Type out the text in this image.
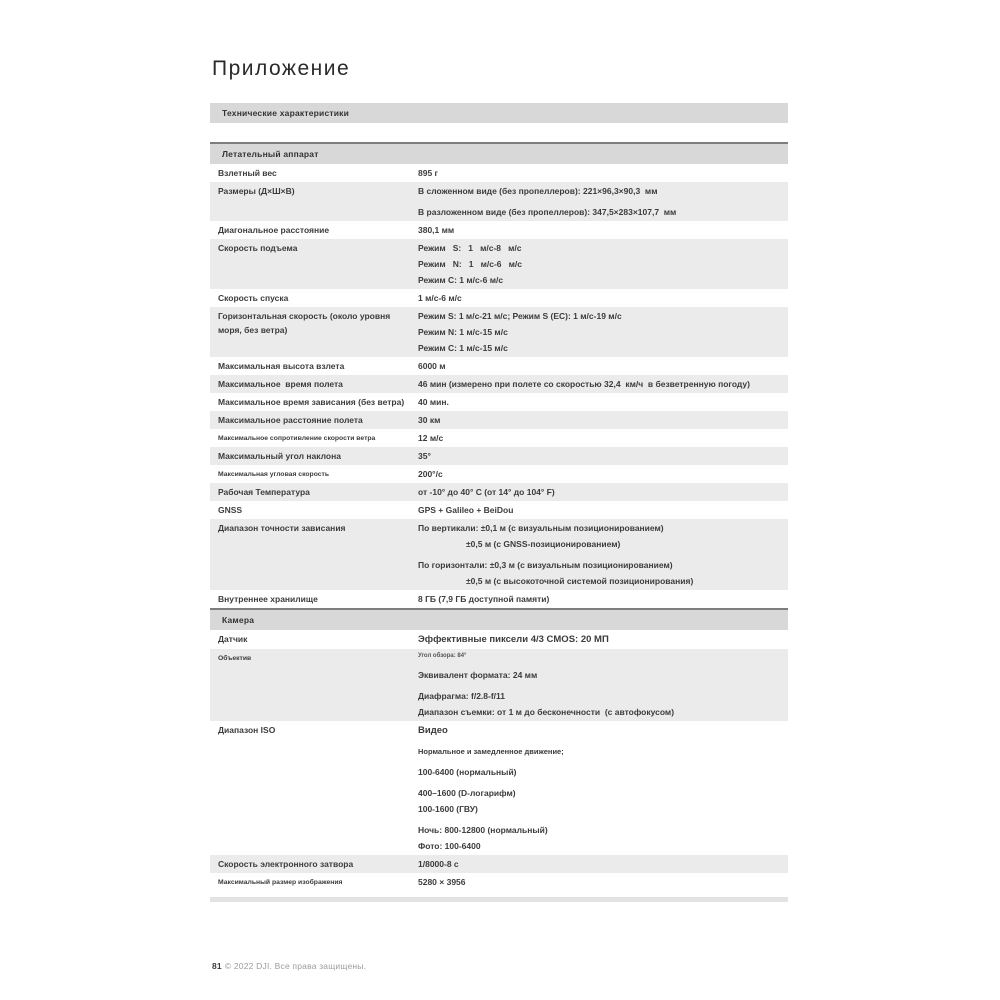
Приложение
Технические характеристики
Летательный аппарат
Взлетный вес	895 г
Размеры (Д×Ш×В)	В сложенном виде (без пропеллеров): 221×96,3×90,3  мм
В разложенном виде (без пропеллеров): 347,5×283×107,7  мм
Диагональное расстояние	380,1 мм
Скорость подъема	Режим   S:   1   м/с-8   м/с
Режим   N:   1   м/с-6   м/с
Режим C: 1 м/с-6 м/с
Скорость спуска	1 м/с-6 м/с
Горизонтальная скорость (около уровня моря, без ветра)
Режим S: 1 м/с-21 м/с; Режим S (EC): 1 м/с-19 м/с
Режим N: 1 м/с-15 м/с
Режим C: 1 м/с-15 м/с
Максимальная высота взлета	6000 м
Максимальное  время полета	46 мин (измерено при полете со скоростью 32,4  км/ч  в безветренную погоду)
Максимальное время зависания (без ветра)	40 мин.
Максимальное расстояние полета	30 км
Максимальное сопротивление скорости ветра	12 м/с
Максимальный угол наклона	35°
Максимальная угловая скорость	200°/с
Рабочая Температура	от -10° до 40° C (от 14° до 104° F)
GNSS	GPS + Galileo + BeiDou
Диапазон точности зависания	По вертикали: ±0,1 м (с визуальным позиционированием)
±0,5 м (с GNSS-позиционированием)
По горизонтали: ±0,3 м (с визуальным позиционированием)
±0,5 м (с высокоточной системой позиционирования)
Внутреннее хранилище	8 ГБ (7,9 ГБ доступной памяти)
Камера
Датчик	Эффективные пиксели 4/3 CMOS: 20 МП
Объектив	Угол обзора: 84°
Эквивалент формата: 24 мм
Диафрагма: f/2.8-f/11
Диапазон съемки: от 1 м до бесконечности  (с автофокусом)
Диапазон ISO	Видео
Нормальное и замедленное движение;
100-6400 (нормальный)
400–1600 (D-логарифм)
100-1600 (ГВУ)
Ночь: 800-12800 (нормальный)
Фото: 100-6400
Скорость электронного затвора	1/8000-8 с
Максимальный размер изображения	5280 × 3956
81 © 2022 DJI. Все права защищены.
